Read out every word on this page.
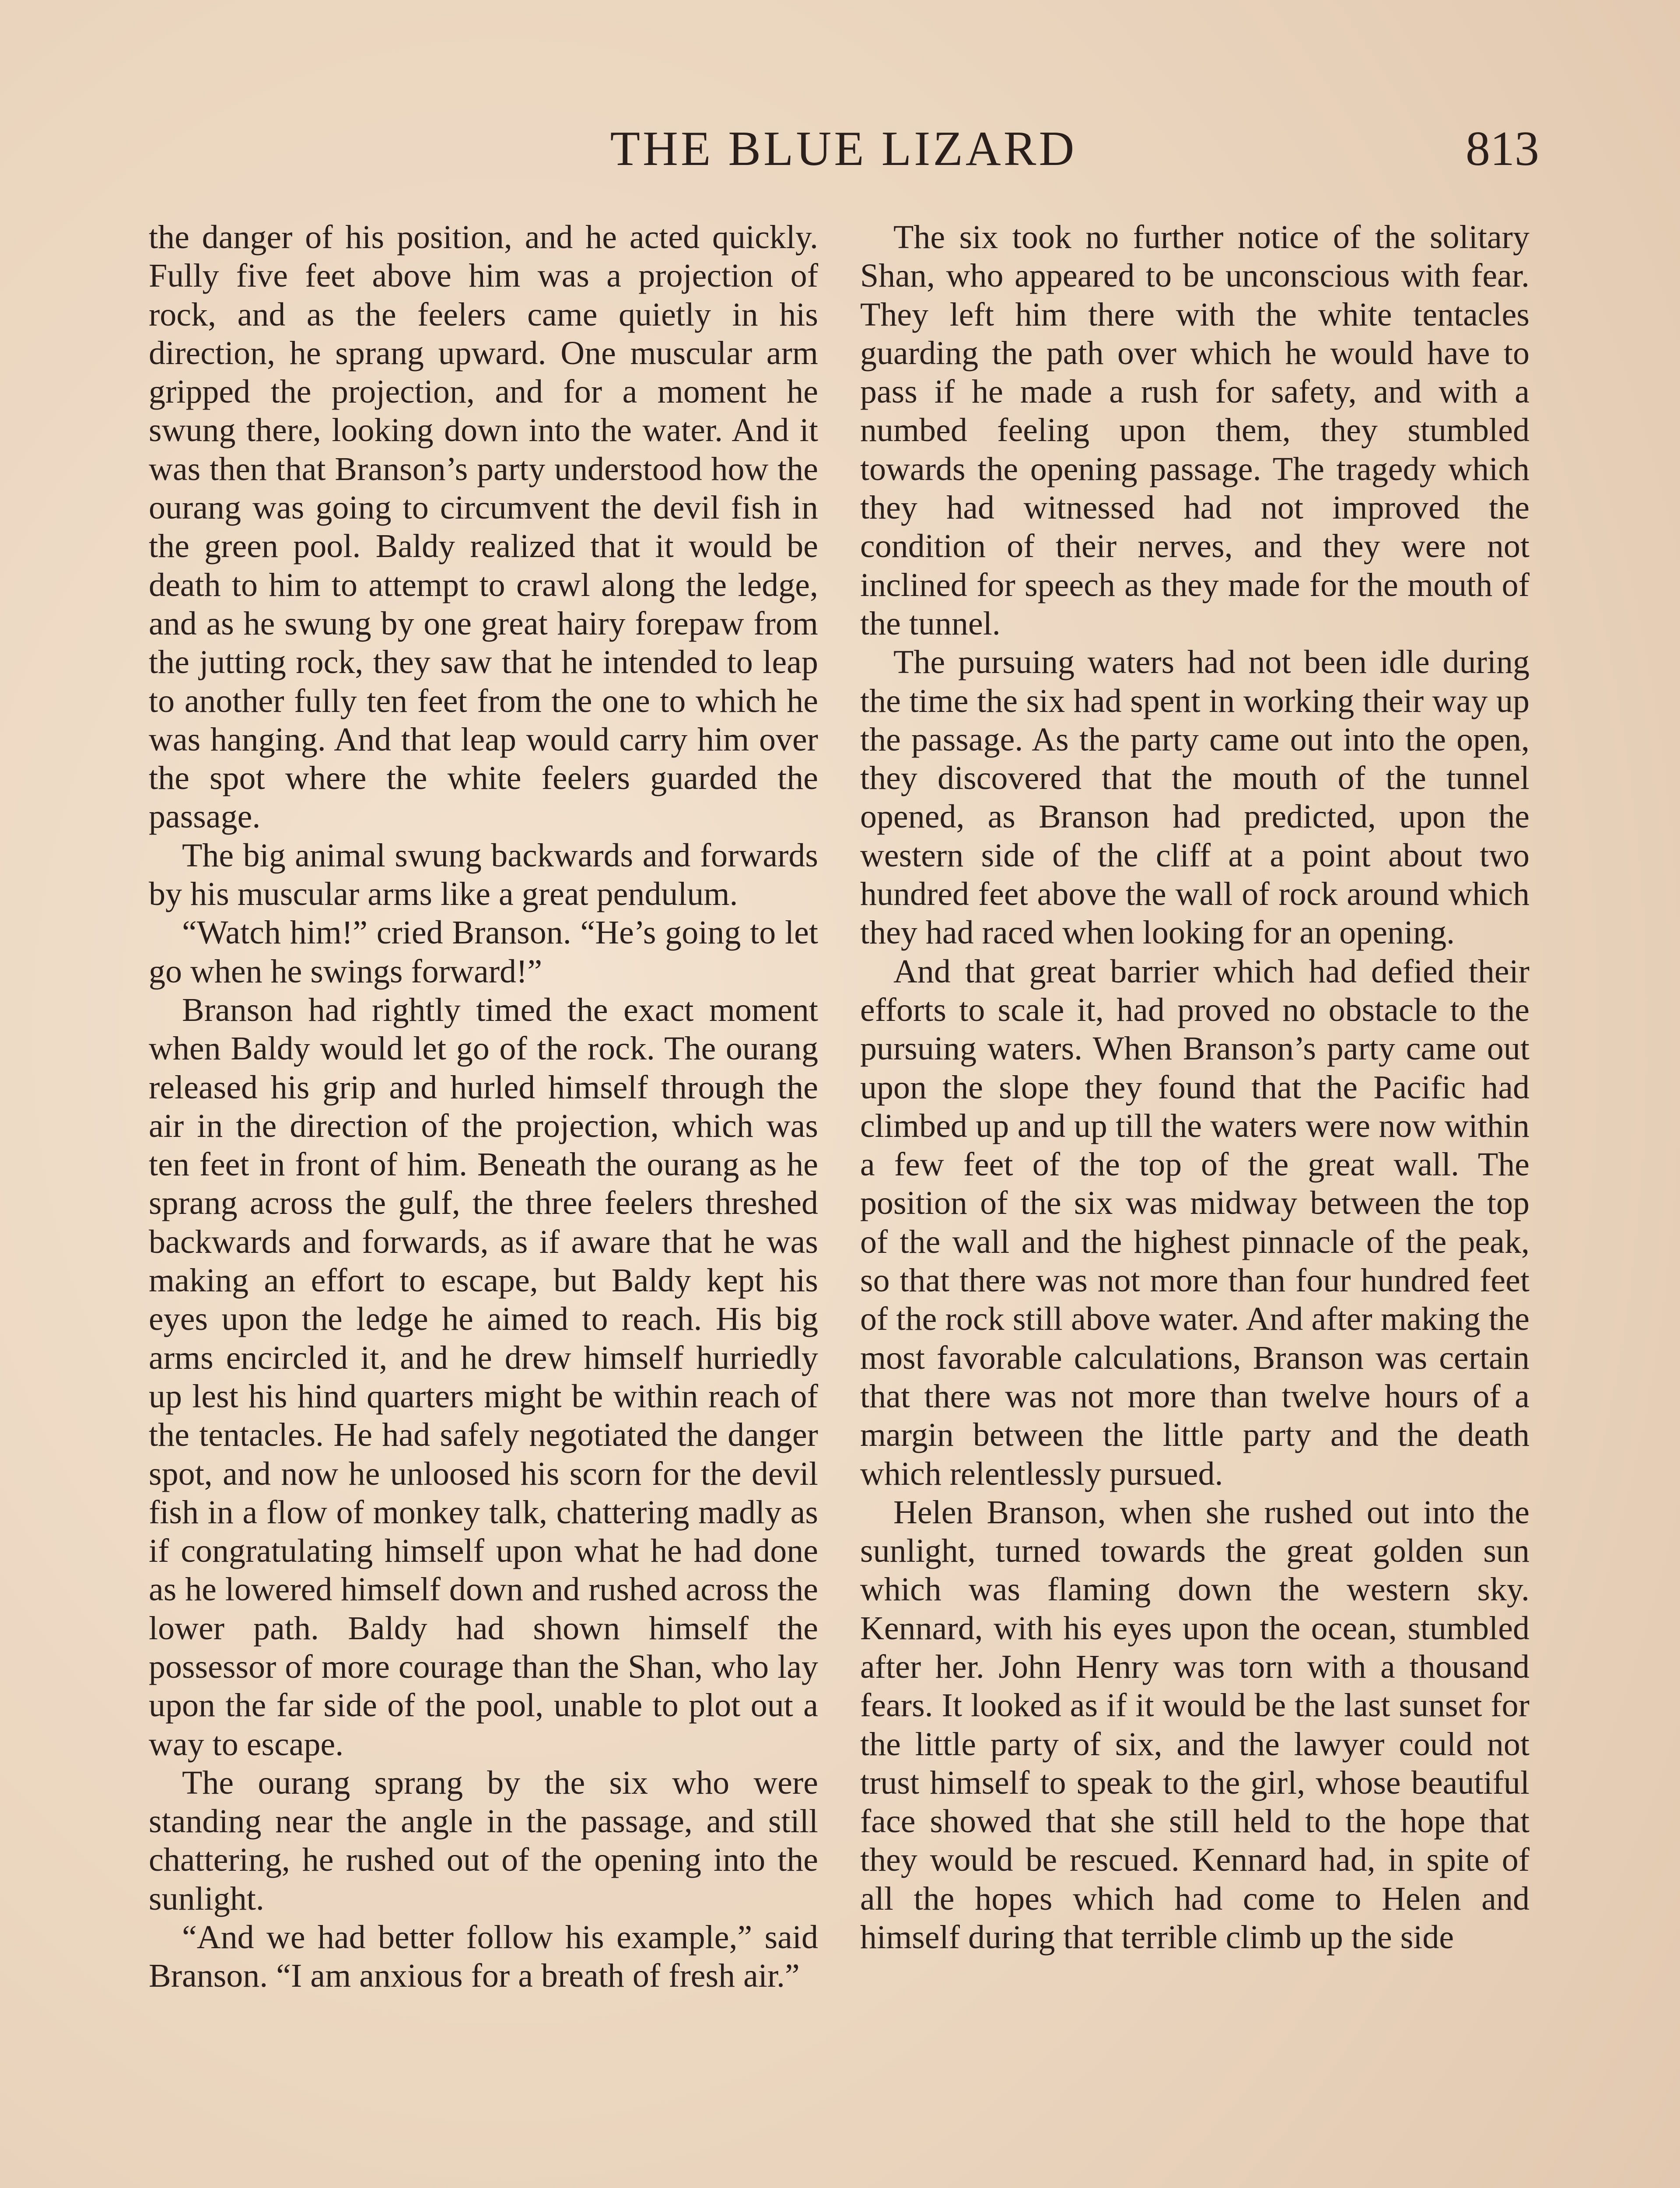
THE BLUE LIZARD	813

the danger of his position, and he acted quickly. Fully five feet above him was a projection of rock, and as the feelers came quietly in his direction, he sprang upward. One muscular arm gripped the projection, and for a moment he swung there, looking down into the water. And it was then that Branson’s party understood how the ourang was going to circumvent the devil fish in the green pool. Baldy realized that it would be death to him to attempt to crawl along the ledge, and as he swung by one great hairy forepaw from the jutting rock, they saw that he intended to leap to another fully ten feet from the one to which he was hanging. And that leap would carry him over the spot where the white feelers guarded the passage.

The big animal swung backwards and forwards by his muscular arms like a great pendulum.

“Watch him!” cried Branson. “He’s going to let go when he swings forward!”

Branson had rightly timed the exact moment when Baldy would let go of the rock. The ourang released his grip and hurled himself through the air in the direction of the projection, which was ten feet in front of him. Beneath the ourang as he sprang across the gulf, the three feelers threshed backwards and forwards, as if aware that he was making an effort to escape, but Baldy kept his eyes upon the ledge he aimed to reach. His big arms encircled it, and he drew himself hurriedly up lest his hind quarters might be within reach of the tentacles. He had safely negotiated the danger spot, and now he unloosed his scorn for the devil fish in a flow of monkey talk, chattering madly as if congratulating himself upon what he had done as he lowered himself down and rushed across the lower path. Baldy had shown himself the possessor of more courage than the Shan, who lay upon the far side of the pool, unable to plot out a way to escape.

The ourang sprang by the six who were standing near the angle in the passage, and still chattering, he rushed out of the opening into the sunlight.

“And we had better follow his example,” said Branson. “I am anxious for a breath of fresh air.”

The six took no further notice of the solitary Shan, who appeared to be unconscious with fear. They left him there with the white tentacles guarding the path over which he would have to pass if he made a rush for safety, and with a numbed feeling upon them, they stumbled towards the opening passage. The tragedy which they had witnessed had not improved the condition of their nerves, and they were not inclined for speech as they made for the mouth of the tunnel.

The pursuing waters had not been idle during the time the six had spent in working their way up the passage. As the party came out into the open, they discovered that the mouth of the tunnel opened, as Branson had predicted, upon the western side of the cliff at a point about two hundred feet above the wall of rock around which they had raced when looking for an opening.

And that great barrier which had defied their efforts to scale it, had proved no obstacle to the pursuing waters. When Branson’s party came out upon the slope they found that the Pacific had climbed up and up till the waters were now within a few feet of the top of the great wall. The position of the six was midway between the top of the wall and the highest pinnacle of the peak, so that there was not more than four hundred feet of the rock still above water. And after making the most favorable calculations, Branson was certain that there was not more than twelve hours of a margin between the little party and the death which relentlessly pursued.

Helen Branson, when she rushed out into the sunlight, turned towards the great golden sun which was flaming down the western sky. Kennard, with his eyes upon the ocean, stumbled after her. John Henry was torn with a thousand fears. It looked as if it would be the last sunset for the little party of six, and the lawyer could not trust himself to speak to the girl, whose beautiful face showed that she still held to the hope that they would be rescued. Kennard had, in spite of all the hopes which had come to Helen and himself during that terrible climb up the side
